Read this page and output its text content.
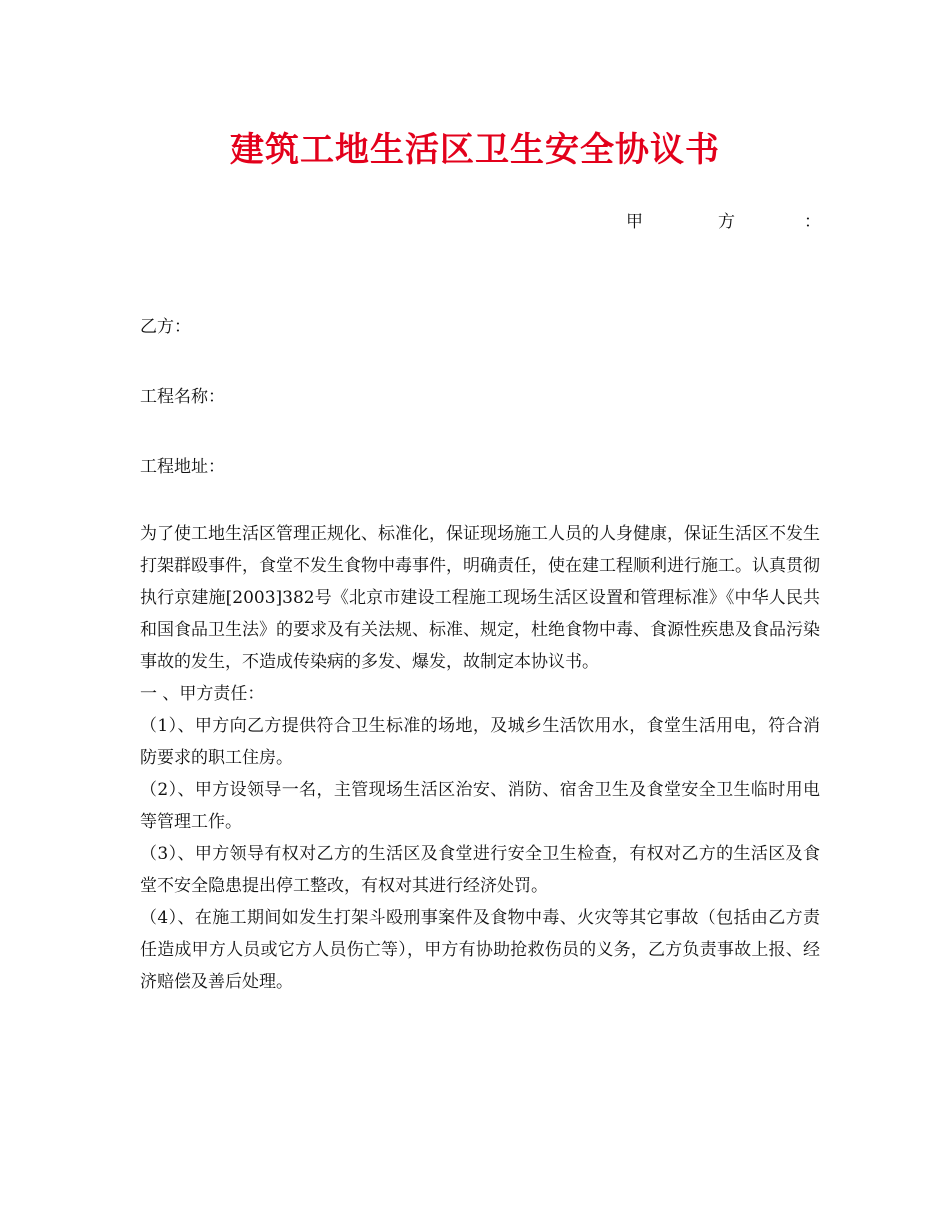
建筑工地生活区卫生安全协议书
甲	方	：
乙方：
工程名称：
工程地址：

为了使工地生活区管理正规化、标准化，保证现场施工人员的人身健康，保证生活区不发生打架群殴事件，食堂不发生食物中毒事件，明确责任，使在建工程顺利进行施工。认真贯彻执行京建施[2003]382号《北京市建设工程施工现场生活区设置和管理标准》《中华人民共和国食品卫生法》的要求及有关法规、标准、规定，杜绝食物中毒、食源性疾患及食品污染事故的发生，不造成传染病的多发、爆发，故制定本协议书。

一 、甲方责任：

（1）、甲方向乙方提供符合卫生标准的场地，及城乡生活饮用水，食堂生活用电，符合消防要求的职工住房。

（2）、甲方设领导一名，主管现场生活区治安、消防、宿舍卫生及食堂安全卫生临时用电等管理工作。

（3）、甲方领导有权对乙方的生活区及食堂进行安全卫生检查，有权对乙方的生活区及食堂不安全隐患提出停工整改，有权对其进行经济处罚。

（4）、在施工期间如发生打架斗殴刑事案件及食物中毒、火灾等其它事故（包括由乙方责任造成甲方人员或它方人员伤亡等），甲方有协助抢救伤员的义务，乙方负责事故上报、经济赔偿及善后处理。
